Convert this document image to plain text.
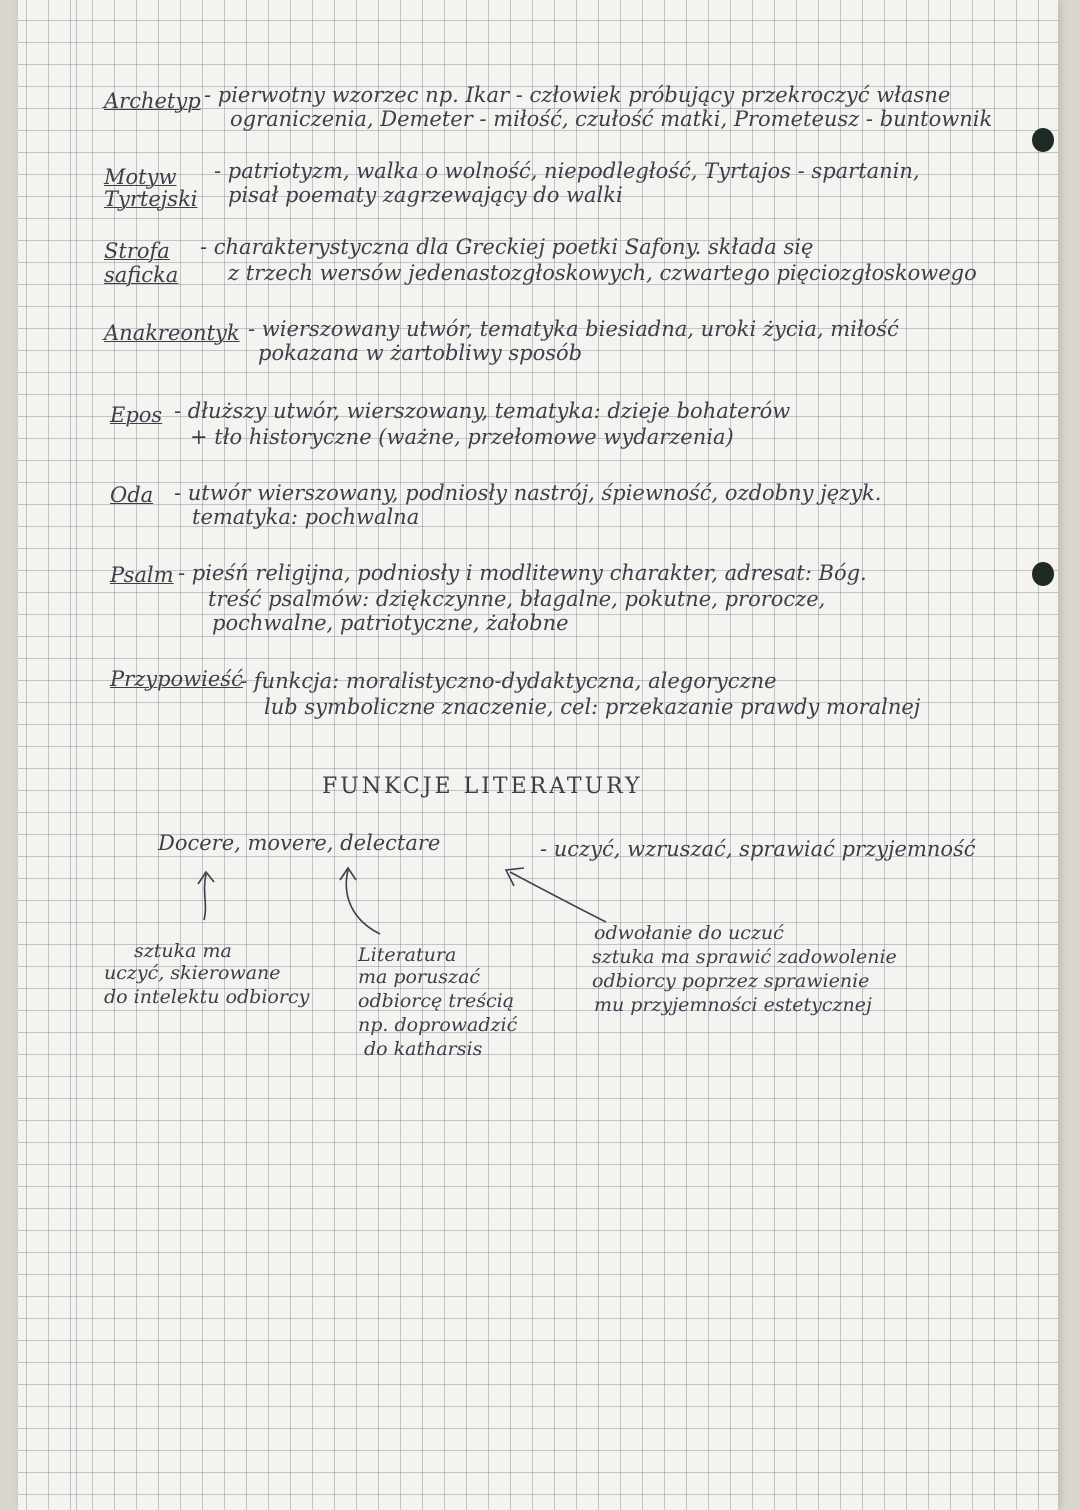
Archetyp - pierwotny wzorzec np. Ikar - człowiek próbujący przekroczyć własne
ograniczenia, Demeter - miłość, czułość matki, Prometeusz - buntownik
Motyw
Tyrtejski
- patriotyzm, walka o wolność, niepodległość, Tyrtajos - spartanin,
pisał poematy zagrzewający do walki
Strofa
saficka
- charakterystyczna dla Greckiej poetki Safony. składa się
z trzech wersów jedenastozgłoskowych, czwartego pięciozgłoskowego
Anakreontyk - wierszowany utwór, tematyka biesiadna, uroki życia, miłość
pokazana w żartobliwy sposób
Epos - dłuższy utwór, wierszowany, tematyka: dzieje bohaterów
+ tło historyczne (ważne, przełomowe wydarzenia)
Oda - utwór wierszowany, podniosły nastrój, śpiewność, ozdobny język.
tematyka: pochwalna
Psalm - pieśń religijna, podniosły i modlitewny charakter, adresat: Bóg.
treść psalmów: dziękczynne, błagalne, pokutne, prorocze,
pochwalne, patriotyczne, żałobne
Przypowieść
- funkcja: moralistyczno-dydaktyczna, alegoryczne
lub symboliczne znaczenie, cel: przekazanie prawdy moralnej
FUNKCJE LITERATURY
Docere, movere, delectare	- uczyć, wzruszać, sprawiać przyjemność
sztuka ma
uczyć, skierowane
do intelektu odbiorcy
Literatura
ma poruszać
odbiorcę treścią
np. doprowadzić
do katharsis
odwołanie do uczuć
sztuka ma sprawić zadowolenie
odbiorcy poprzez sprawienie
mu przyjemności estetycznej
